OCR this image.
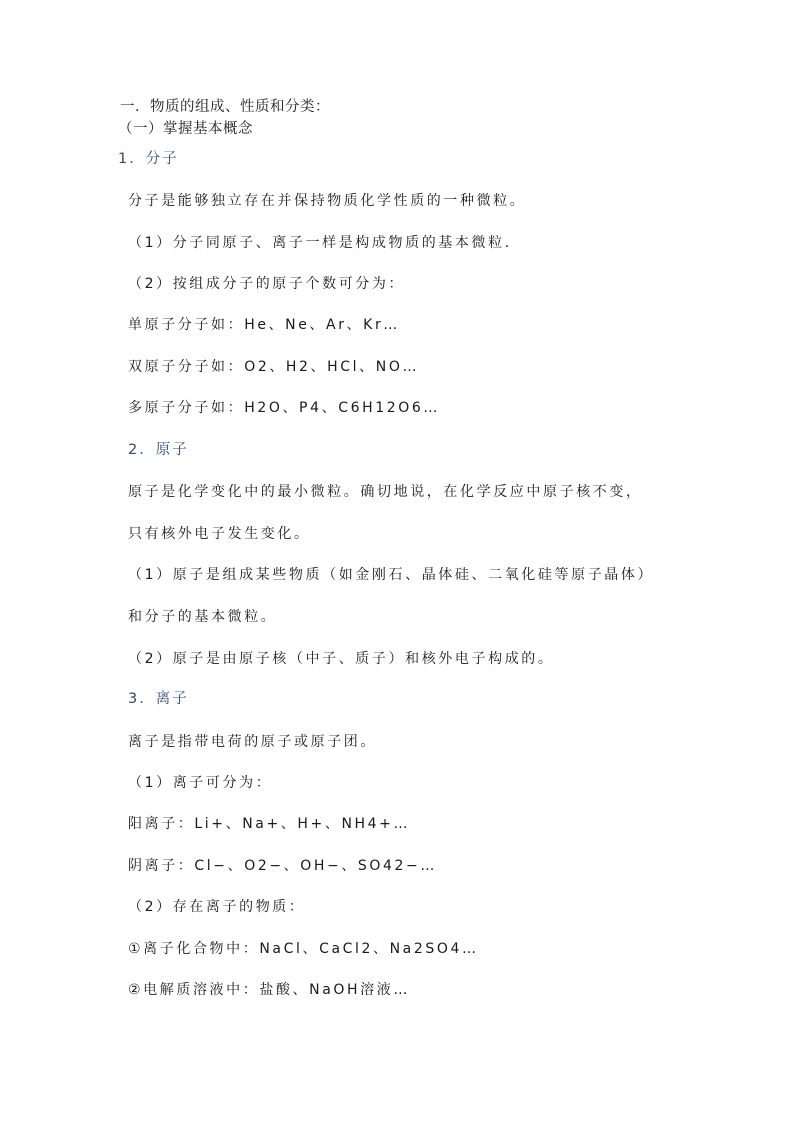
一．物质的组成、性质和分类：
（一）掌握基本概念
1．分子
分子是能够独立存在并保持物质化学性质的一种微粒。
（1）分子同原子、离子一样是构成物质的基本微粒．
（2）按组成分子的原子个数可分为：
单原子分子如：He、Ne、Ar、Kr…
双原子分子如：O2、H2、HCl、NO…
多原子分子如：H2O、P4、C6H12O6…
2．原子
原子是化学变化中的最小微粒。确切地说，在化学反应中原子核不变，
只有核外电子发生变化。
（1）原子是组成某些物质（如金刚石、晶体硅、二氧化硅等原子晶体）
和分子的基本微粒。
（2）原子是由原子核（中子、质子）和核外电子构成的。
3．离子
离子是指带电荷的原子或原子团。
（1）离子可分为：
阳离子：Li+、Na+、H+、NH4+…
阴离子：Cl−、O2−、OH−、SO42−…
（2）存在离子的物质：
①离子化合物中：NaCl、CaCl2、Na2SO4…
②电解质溶液中：盐酸、NaOH溶液…
